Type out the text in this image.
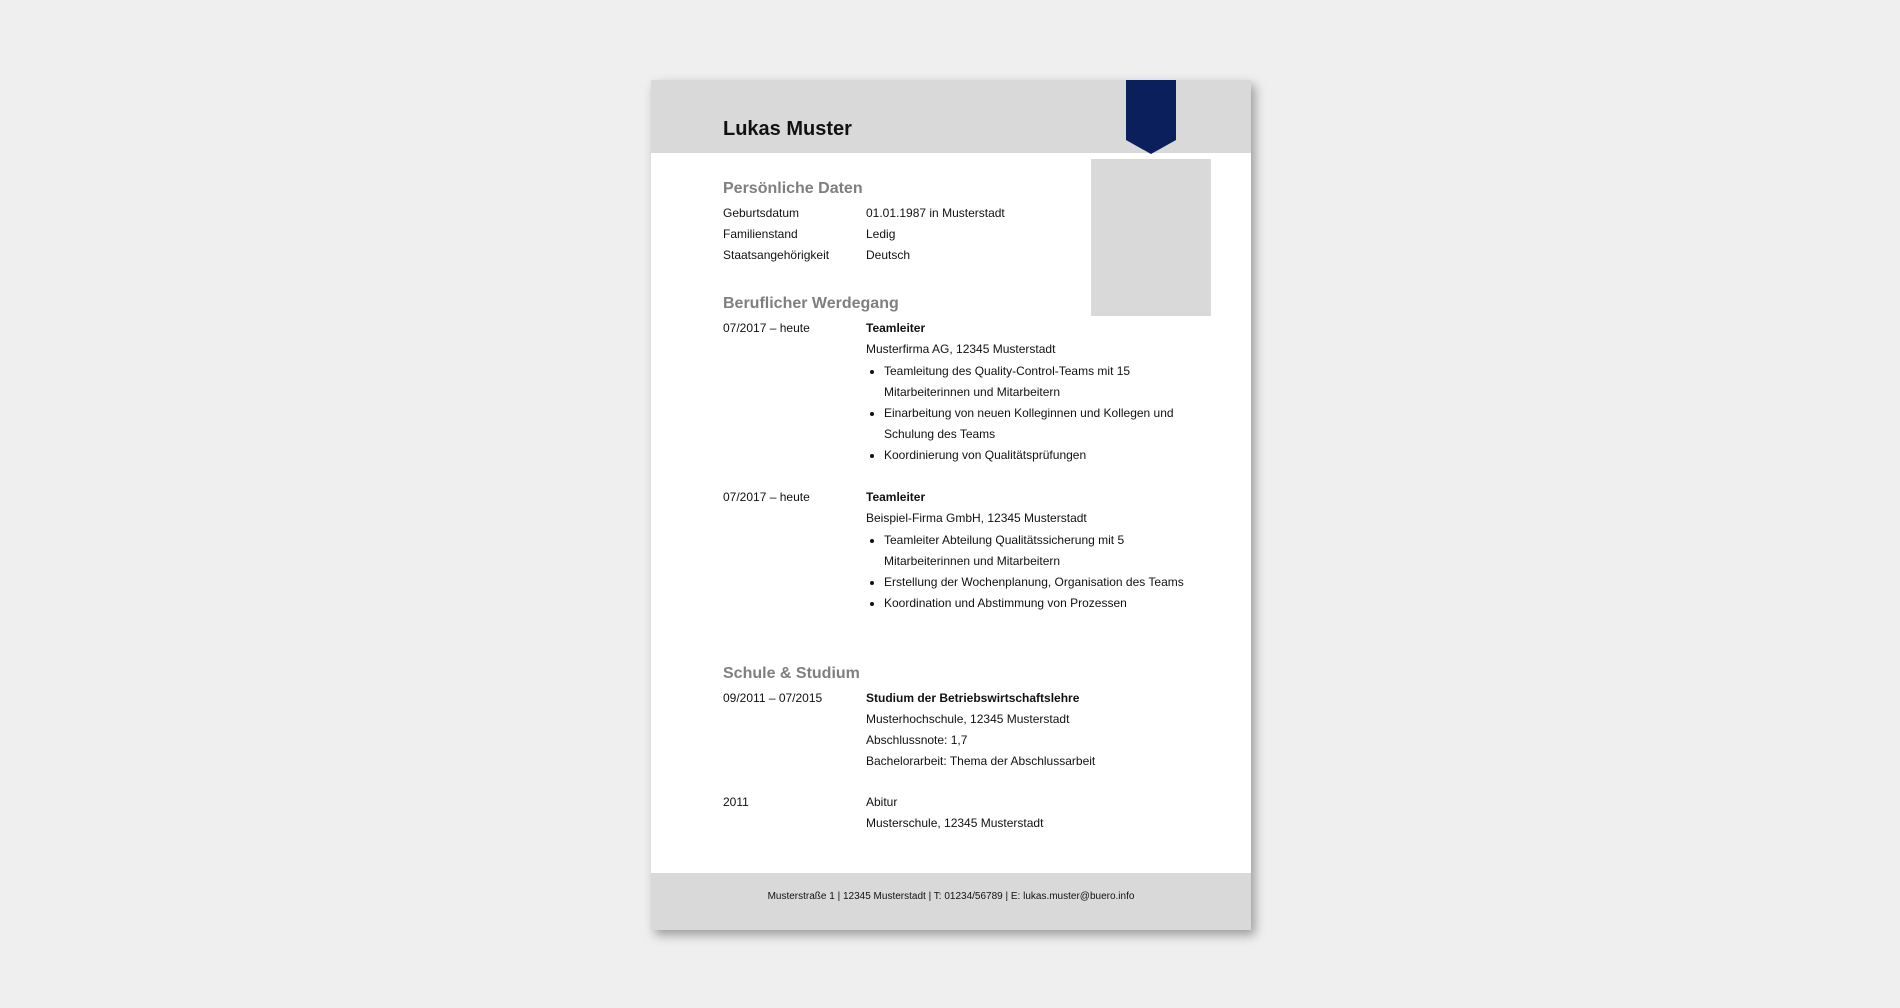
Lukas Muster
Persönliche Daten
Geburtsdatum	01.01.1987 in Musterstadt
Familienstand	Ledig
Staatsangehörigkeit	Deutsch
Beruflicher Werdegang
07/2017 – heute	Teamleiter
Musterfirma AG, 12345 Musterstadt
• Teamleitung des Quality-Control-Teams mit 15 Mitarbeiterinnen und Mitarbeitern
• Einarbeitung von neuen Kolleginnen und Kollegen und Schulung des Teams
• Koordinierung von Qualitätsprüfungen
07/2017 – heute	Teamleiter
Beispiel-Firma GmbH, 12345 Musterstadt
• Teamleiter Abteilung Qualitätssicherung mit 5 Mitarbeiterinnen und Mitarbeitern
• Erstellung der Wochenplanung, Organisation des Teams
• Koordination und Abstimmung von Prozessen
Schule & Studium
09/2011 – 07/2015	Studium der Betriebswirtschaftslehre
Musterhochschule, 12345 Musterstadt
Abschlussnote: 1,7
Bachelorarbeit: Thema der Abschlussarbeit
2011	Abitur
Musterschule, 12345 Musterstadt
Musterstraße 1 | 12345 Musterstadt | T: 01234/56789 | E: lukas.muster@buero.info
